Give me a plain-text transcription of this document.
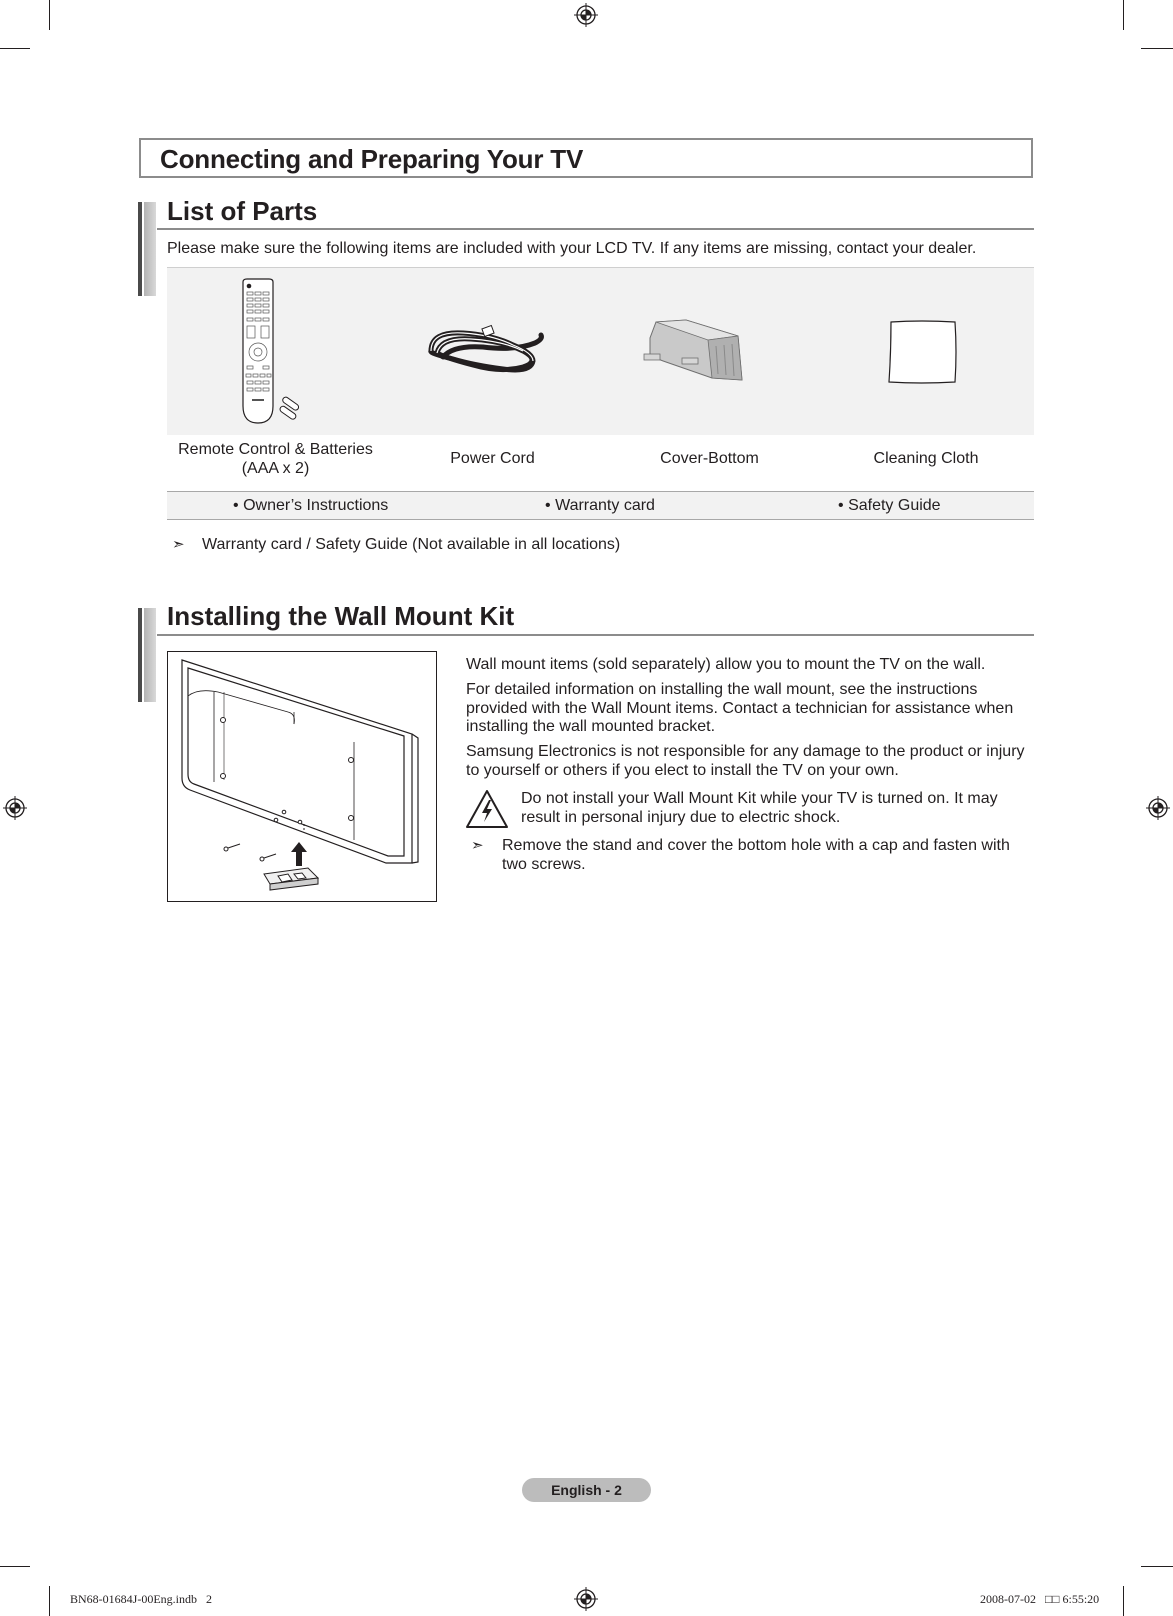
Connecting and Preparing Your TV
List of Parts
Please make sure the following items are included with your LCD TV. If any items are missing, contact your dealer.
Remote Control & Batteries
(AAA x 2)
Power Cord	Cover-Bottom	Cleaning Cloth
• Owner’s Instructions	• Warranty card	• Safety Guide
➣ Warranty card / Safety Guide (Not available in all locations)
Installing the Wall Mount Kit
Wall mount items (sold separately) allow you to mount the TV on the wall.
For detailed information on installing the wall mount, see the instructions
provided with the Wall Mount items. Contact a technician for assistance when
installing the wall mounted bracket.
Samsung Electronics is not responsible for any damage to the product or injury
to yourself or others if you elect to install the TV on your own.
Do not install your Wall Mount Kit while your TV is turned on. It may
result in personal injury due to electric shock.
➣ Remove the stand and cover the bottom hole with a cap and fasten with
two screws.
English - 2
BN68-01684J-00Eng.indb   2	2008-07-02   □□ 6:55:20
